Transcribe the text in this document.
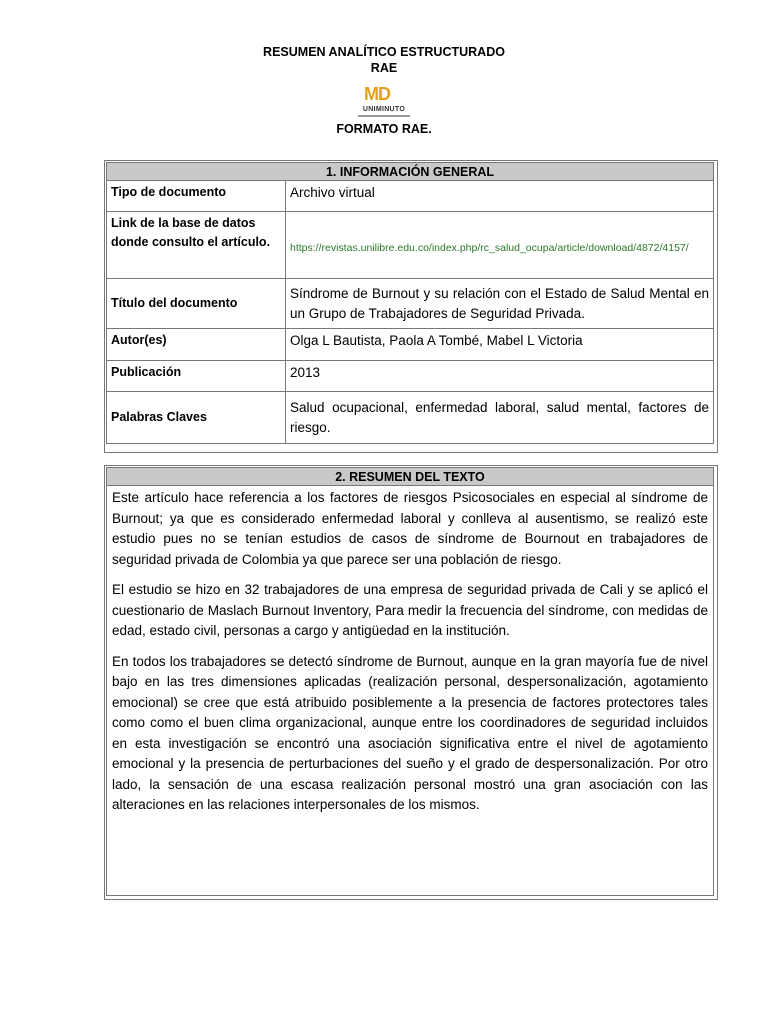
RESUMEN ANALÍTICO ESTRUCTURADO
RAE
MD
UNIMINUTO
FORMATO RAE.
1. INFORMACIÓN GENERAL	
Tipo de documento	Archivo virtual
Link de la base de datos donde consulto el artículo.	https://revistas.unilibre.edu.co/index.php/rc_salud_ocupa/article/download/4872/4157/
Título del documento	Síndrome de Burnout y su relación con el Estado de Salud Mental en un Grupo de Trabajadores de Seguridad Privada.
Autor(es)	Olga L Bautista, Paola A Tombé, Mabel L Victoria
Publicación	2013
Palabras Claves	Salud ocupacional, enfermedad laboral, salud mental, factores de riesgo.
2. RESUMEN DEL TEXTO

Este artículo hace referencia a los factores de riesgos Psicosociales en especial al síndrome de Burnout; ya que es considerado enfermedad laboral y conlleva al ausentismo, se realizó este estudio pues no se tenían estudios de casos de síndrome de Bournout en trabajadores de seguridad privada de Colombia ya que parece ser una población de riesgo.

El estudio se hizo en 32 trabajadores de una empresa de seguridad privada de Cali y se aplicó el cuestionario de Maslach Burnout Inventory, Para medir la frecuencia del síndrome, con medidas de edad, estado civil, personas a cargo y antigüedad en la institución.

En todos los trabajadores se detectó síndrome de Burnout, aunque en la gran mayoría fue de nivel bajo en las tres dimensiones aplicadas (realización personal, despersonalización, agotamiento emocional) se cree que está atribuido posiblemente a la presencia de factores protectores tales como como el buen clima organizacional, aunque entre los coordinadores de seguridad incluidos en esta investigación se encontró una asociación significativa entre el nivel de agotamiento emocional y la presencia de perturbaciones del sueño y el grado de despersonalización. Por otro lado, la sensación de una escasa realización personal mostró una gran asociación con las alteraciones en las relaciones interpersonales de los mismos.
